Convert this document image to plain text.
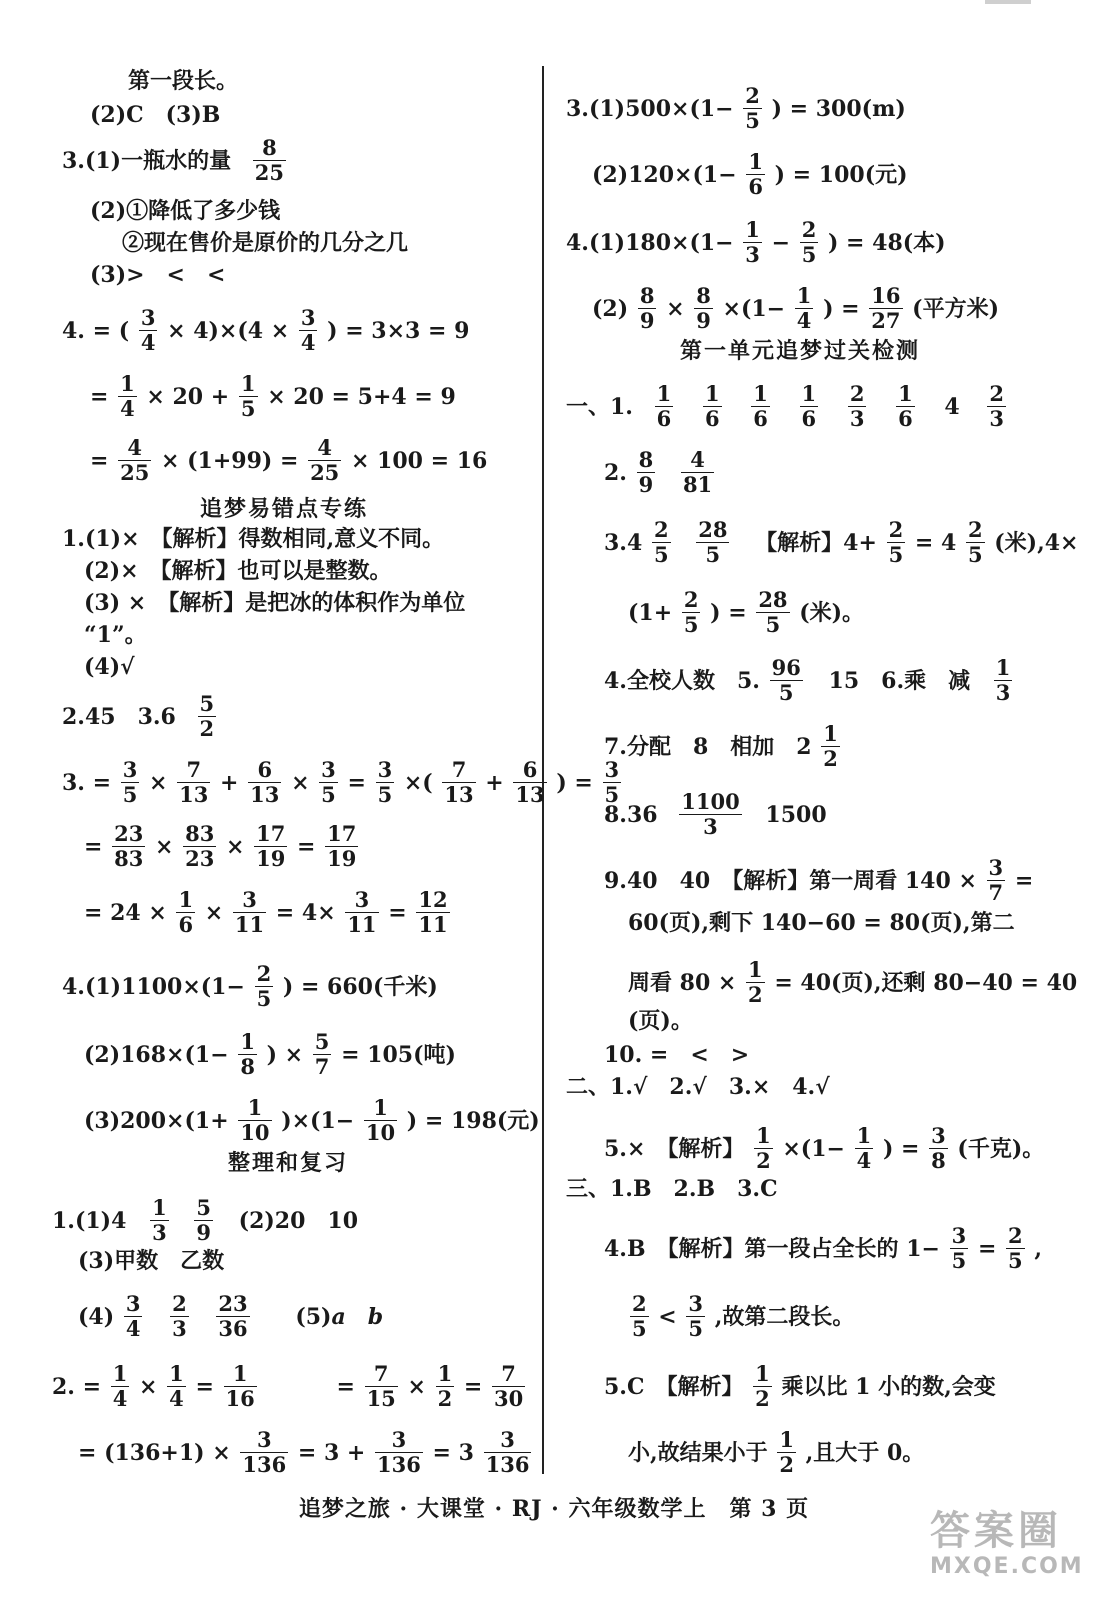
第一段长。
(2)C　(3)B
3.(1)一瓶水的量 $\frac{8}{25}$
(2)①降低了多少钱
②现在售价是原价的几分之几
(3)>　<　<
4. = ( $\frac{3}{4} \times 4)\times(4 \times \frac{3}{4}$ ) = 3×3 = 9
= $\frac{1}{4} \times 20 + \frac{1}{5} \times 20 = 5+4 = 9$
= $\frac{4}{25} \times (1+99) = \frac{4}{25} \times 100 = 16$
追梦易错点专练
1.(1)×　【解析】得数相同,意义不同。
(2)×　【解析】也可以是整数。
(3) ×　【解析】是把冰的体积作为单位
“1”。
(4)√
2.45　$3.6 \frac{5}{2}$
3. = $\frac{3}{5} \times \frac{7}{13} + \frac{6}{13} \times \frac{3}{5} = \frac{3}{5}$ ×( $\frac{7}{13} + \frac{6}{13}$ ) = $\frac{3}{5}$
= $\frac{23}{83} \times \frac{83}{23} \times \frac{17}{19} = \frac{17}{19}$
= $24 \times \frac{1}{6} \times \frac{3}{11} = 4\times \frac{3}{11} = \frac{12}{11}$
$4.(1)1100\times(1- \frac{2}{5}$ ) = 660(千米)
$(2)168\times(1- \frac{1}{8}$ ) × $\frac{5}{7} = 105$(吨)
$(3)200\times(1+ \frac{1}{10} )\times(1- \frac{1}{10}$ ) = 198(元)
整理和复习
$1.(1)4 \frac{1}{3}$
$\frac{5}{9} (2)20$　10
(3)甲数　乙数
$(4) \frac{3}{4}$
$\frac{2}{3}$
$\frac{23}{36} (5)a$　b
2. = $\frac{1}{4} \times \frac{1}{4} = \frac{1}{16}$	= $\frac{7}{15} \times \frac{1}{2} = \frac{7}{30}$
= $(136+1) \times \frac{3}{136} = 3 + \frac{3}{136} = 3 \frac{3}{136}$
$3.(1)500\times(1- \frac{2}{5}$ ) = 300(m)
$(2)120\times(1- \frac{1}{6}$ ) = 100(元)
$4.(1)180\times(1- \frac{1}{3} - \frac{2}{5}$ ) = 48(本)
$(2) \frac{8}{9} \times \frac{8}{9} \times(1- \frac{1}{4}$ ) = $\frac{16}{27}$ (平方米)
第一单元追梦过关检测
一、1. $\frac{1}{6}$
$\frac{1}{6}$
$\frac{1}{6}$
$\frac{1}{6}$
$\frac{2}{3}$
$\frac{1}{6} 4 \frac{2}{3}$
2. $\frac{8}{9}$
$\frac{4}{81}$
$3.4 \frac{2}{5}$
$\frac{28}{5}$ 【解析】$4+ \frac{2}{5} = 4 \frac{2}{5}$ (米),4×
($1+ \frac{2}{5}$ ) = $\frac{28}{5}$ (米)。
4.全校人数　5. $\frac{96}{5} 15$　6.乘　减 $\frac{1}{3}$
7.分配　8　相加　$2 \frac{1}{2}$
$8.36 \frac{1100}{3} 1500$
9.40　40　【解析】第一周看 $140 \times \frac{3}{7}$ =
60(页),剩下 140−60 = 80(页),第二
周看 $80 \times \frac{1}{2} = 40$(页),还剩 80−40 = 40
(页)。
10. =　<　>
二、1.√　2.√　3.×　4.√
5.×　【解析】 $\frac{1}{2} \times(1- \frac{1}{4}$ ) = $\frac{3}{8}$ (千克)。
三、1.B　2.B　3.C
4.B　【解析】第一段占全长的 $1- \frac{3}{5} = \frac{2}{5}$ ,
$\frac{2}{5} < \frac{3}{5}$ ,故第二段长。
5.C　【解析】 $\frac{1}{2}$ 乘以比 1 小的数,会变
小,故结果小于 $\frac{1}{2}$ ,且大于 0。
追梦之旅 · 大课堂 · RJ · 六年级数学上　第 3 页	答案圈
MXQE.COM
